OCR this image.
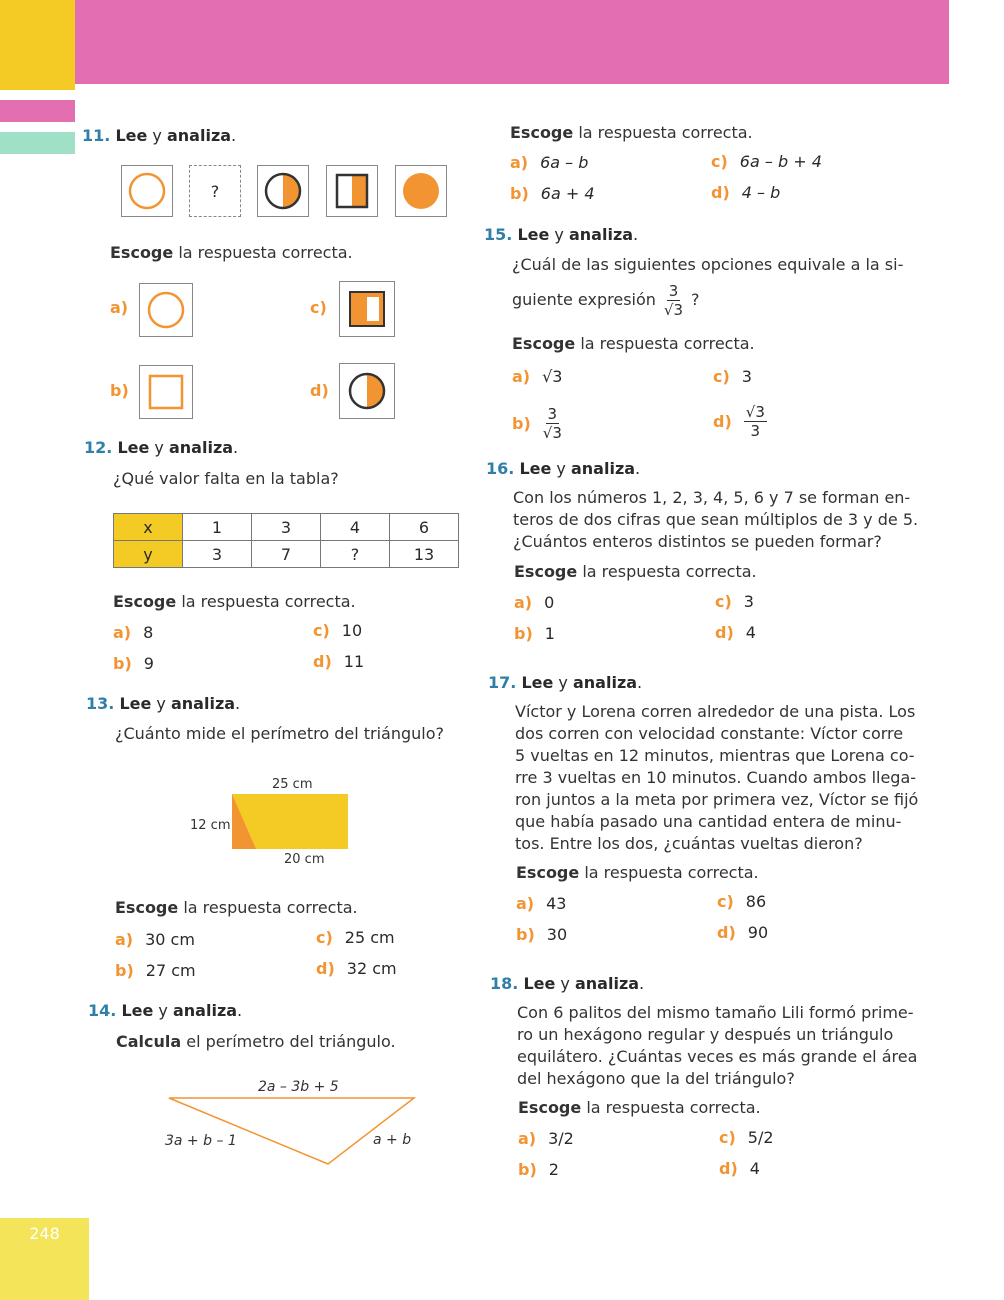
248
11. Lee y analiza.
?
Escoge la respuesta correcta.
a)
b)
c)
d)
12. Lee y analiza.
¿Qué valor falta en la tabla?
x	1	3	4	6
y	3	7	?	13
Escoge la respuesta correcta.
a) 8
b) 9
c) 10
d) 11
13. Lee y analiza.
¿Cuánto mide el perímetro del triángulo?
25 cm
12 cm
20 cm
Escoge la respuesta correcta.
a) 30 cm
b) 27 cm
c) 25 cm
d) 32 cm
14. Lee y analiza.
Calcula el perímetro del triángulo.
2a – 3b + 5
3a + b – 1	a + b
Escoge la respuesta correcta.
a) 6a – b
b) 6a + 4
c) 6a – b + 4
d) 4 – b
15. Lee y analiza.
¿Cuál de las siguientes opciones equivale a la si-
guiente expresión $\frac{3}{√3}$ ?
Escoge la respuesta correcta.
a) √3
$b) \frac{3}{√3}$
c) 3
$d) \frac{√3}{3}$
16. Lee y analiza.
Con los números 1, 2, 3, 4, 5, 6 y 7 se forman en-
teros de dos cifras que sean múltiplos de 3 y de 5.
¿Cuántos enteros distintos se pueden formar?
Escoge la respuesta correcta.
a) 0
b) 1
c) 3
d) 4
17. Lee y analiza.
Víctor y Lorena corren alrededor de una pista. Los
dos corren con velocidad constante: Víctor corre
5 vueltas en 12 minutos, mientras que Lorena co-
rre 3 vueltas en 10 minutos. Cuando ambos llega-
ron juntos a la meta por primera vez, Víctor se fijó
que había pasado una cantidad entera de minu-
tos. Entre los dos, ¿cuántas vueltas dieron?
Escoge la respuesta correcta.
a) 43
b) 30
c) 86
d) 90
18. Lee y analiza.
Con 6 palitos del mismo tamaño Lili formó prime-
ro un hexágono regular y después un triángulo
equilátero. ¿Cuántas veces es más grande el área
del hexágono que la del triángulo?
Escoge la respuesta correcta.
a) 3/2
b) 2
c) 5/2
d) 4
